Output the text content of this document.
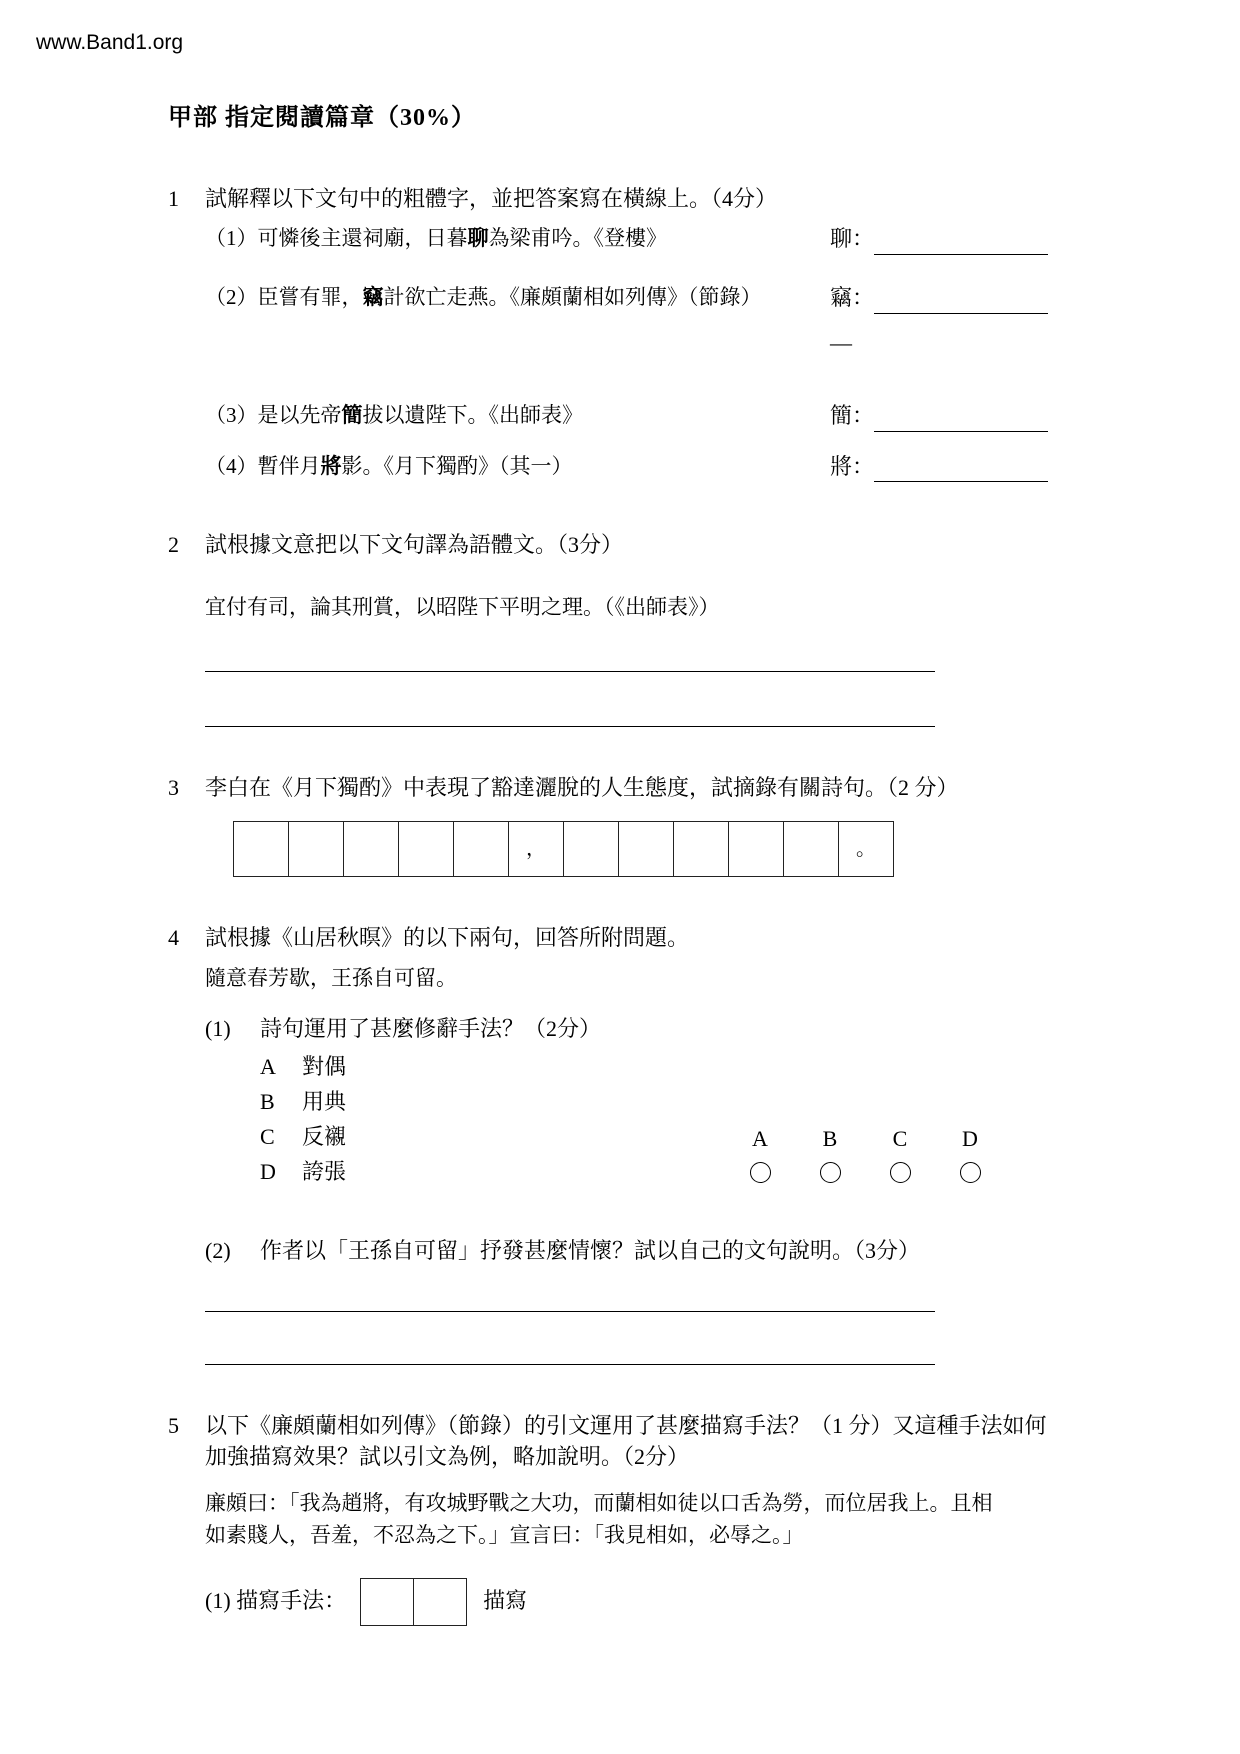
www.Band1.org
甲部 指定閱讀篇章（30%）
1	試解釋以下文句中的粗體字，並把答案寫在橫線上。（4分）

（1）可憐後主還祠廟，日暮聊為梁甫吟。《登樓》	聊：
（2）臣嘗有罪，竊計欲亡走燕。《廉頗蘭相如列傳》（節錄）	竊：
—
（3）是以先帝簡拔以遺陛下。《出師表》	簡：
（4）暫伴月將影。《月下獨酌》（其一）	將：
2	試根據文意把以下文句譯為語體文。（3分）

宜付有司，論其刑賞，以昭陛下平明之理。（《出師表》）
3	李白在《月下獨酌》中表現了豁達灑脫的人生態度，試摘錄有關詩句。（2 分）

，	。
4	試根據《山居秋暝》的以下兩句，回答所附問題。

隨意春芳歇，王孫自可留。
(1)	詩句運用了甚麼修辭手法？（2分）
A	對偶
B	用典
C	反襯
D	誇張
A	B	C	D
(2)	作者以「王孫自可留」抒發甚麼情懷？試以自己的文句說明。（3分）
5	以下《廉頗蘭相如列傳》（節錄）的引文運用了甚麼描寫手法？（1 分）又這種手法如何加強描寫效果？試以引文為例，略加說明。（2分）

廉頗曰：「我為趙將，有攻城野戰之大功，而蘭相如徒以口舌為勞，而位居我上。且相如素賤人，吾羞，不忍為之下。」宣言曰：「我見相如，必辱之。」
(1) 描寫手法：	描寫
